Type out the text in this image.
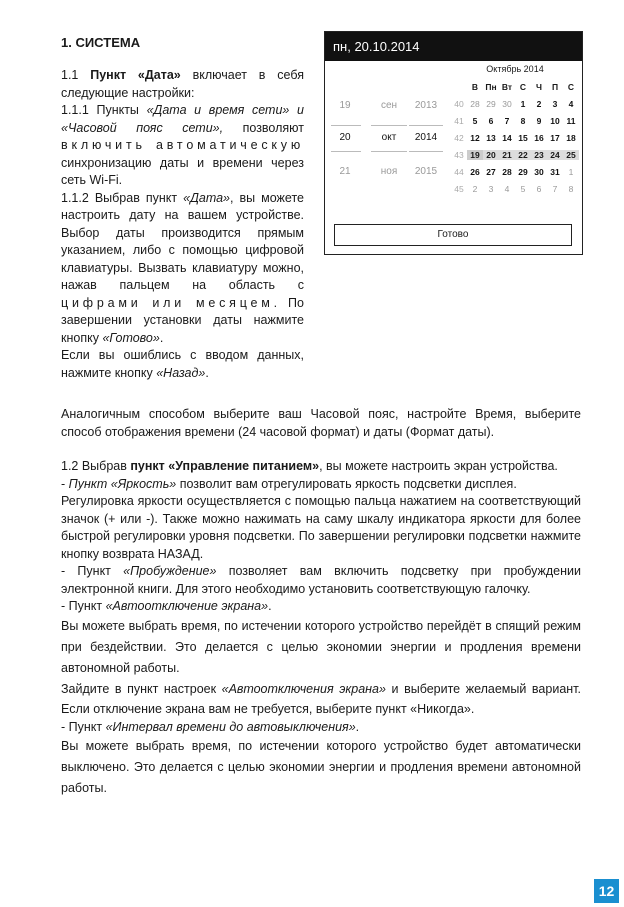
1. СИСТЕМА

1.1 Пункт «Дата» включает в себя следующие настройки:

1.1.1 Пункты «Дата и время сети» и «Часовой пояс сети», позволяют включить автоматическую синхронизацию даты и времени через сеть Wi-Fi.

1.1.2 Выбрав пункт «Дата», вы можете настроить дату на вашем устройстве. Выбор даты производится прямым указанием, либо с помощью цифровой клавиатуры. Вызвать клавиатуру можно, нажав пальцем на область с цифрами или месяцем. По завершении установки даты нажмите кнопку «Готово».

Если вы ошиблись с вводом данных, нажмите кнопку «Назад».

пн, 20.10.2014
19
20
21
сен
окт
ноя
2013
2014
2015
Октябрь 2014
В Пн Вт С	Ч	П	С
40 28 29 30	1	2	3	4
41	5	6	7	8	9	10 11
42 12 13 14 15 16 17 18
43 19 20 21 22 23 24 25
44 26 27 28 29 30 31	1
45	2	3	4	5	6	7	8
Готово

Аналогичным способом выберите ваш Часовой пояс, настройте Время, выберите способ отображения времени (24 часовой формат) и даты (Формат даты).

1.2 Выбрав пункт «Управление питанием», вы можете настроить экран устройства.

- Пункт «Яркость» позволит вам отрегулировать яркость подсветки дисплея.

Регулировка яркости осуществляется с помощью пальца нажатием на соответствующий значок (+ или -). Также можно нажимать на саму шкалу индикатора яркости для более быстрой регулировки уровня подсветки. По завершении регулировки подсветки нажмите кнопку возврата НАЗАД.

- Пункт «Пробуждение» позволяет вам включить подсветку при пробуждении электронной книги. Для этого необходимо установить соответствующую галочку.

- Пункт «Автоотключение экрана».

Вы можете выбрать время, по истечении которого устройство перейдёт в спящий режим при бездействии. Это делается с целью экономии энергии и продления времени автономной работы.

Зайдите в пункт настроек «Автоотключения экрана» и выберите желаемый вариант. Если отключение экрана вам не требуется, выберите пункт «Никогда».

- Пункт «Интервал времени до автовыключения».

Вы можете выбрать время, по истечении которого устройство будет автоматически выключено. Это делается с целью экономии энергии и продления времени автономной работы.

12
